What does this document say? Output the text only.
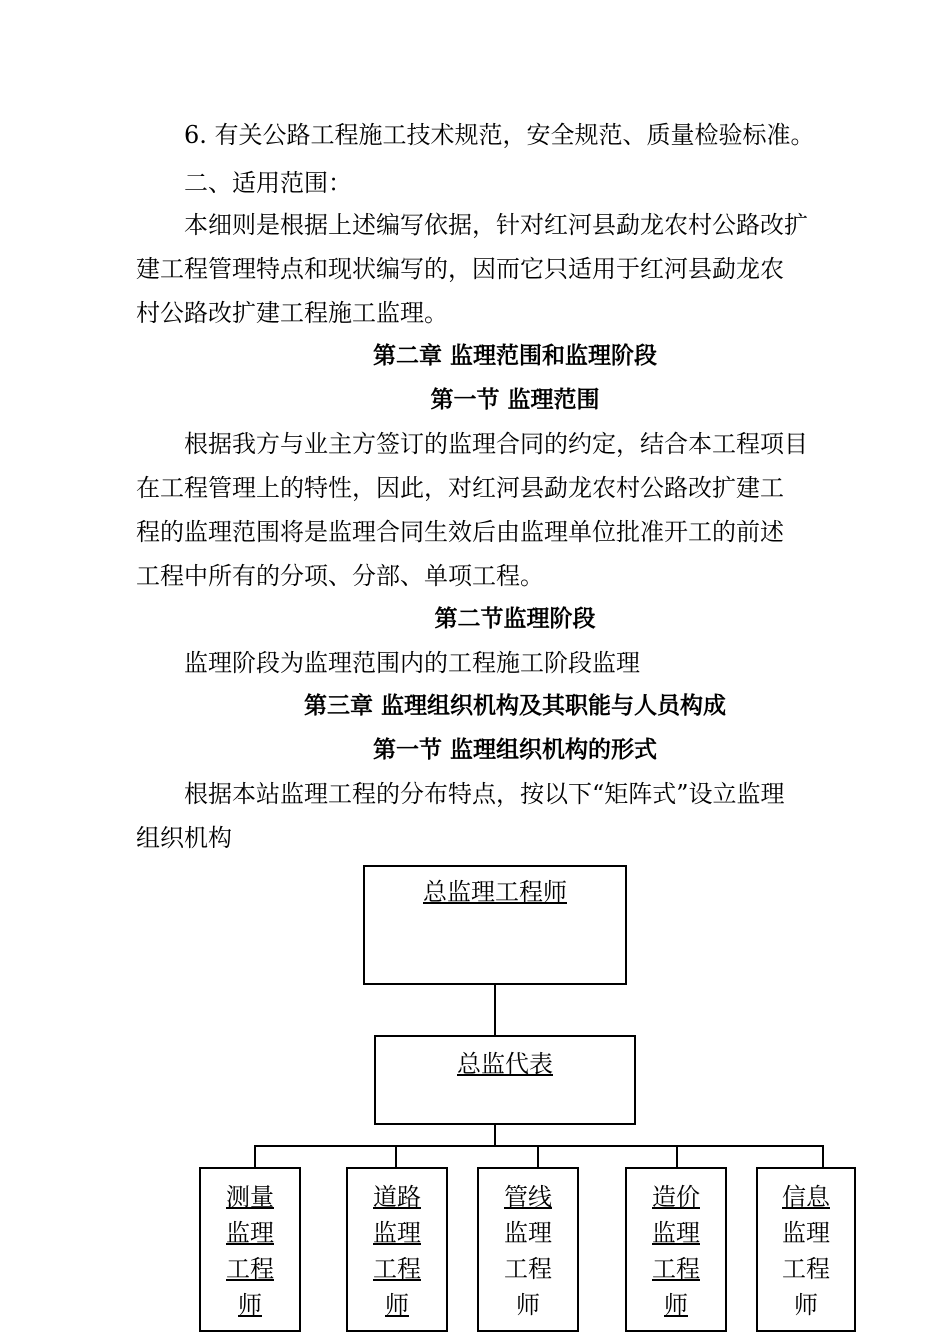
6. 有关公路工程施工技术规范，安全规范、质量检验标准。

二、适用范围：

本细则是根据上述编写依据，针对红河县勐龙农村公路改扩

建工程管理特点和现状编写的，因而它只适用于红河县勐龙农

村公路改扩建工程施工监理。

第二章 监理范围和监理阶段

第一节 监理范围

根据我方与业主方签订的监理合同的约定，结合本工程项目

在工程管理上的特性，因此，对红河县勐龙农村公路改扩建工

程的监理范围将是监理合同生效后由监理单位批准开工的前述

工程中所有的分项、分部、单项工程。

第二节监理阶段

监理阶段为监理范围内的工程施工阶段监理

第三章 监理组织机构及其职能与人员构成

第一节 监理组织机构的形式

根据本站监理工程的分布特点，按以下“矩阵式”设立监理

组织机构

总监理工程师
总监代表
测量
监理
工程
师
道路
监理
工程
师
管线
监理
工程
师
造价
监理
工程
师
信息
监理
工程
师
